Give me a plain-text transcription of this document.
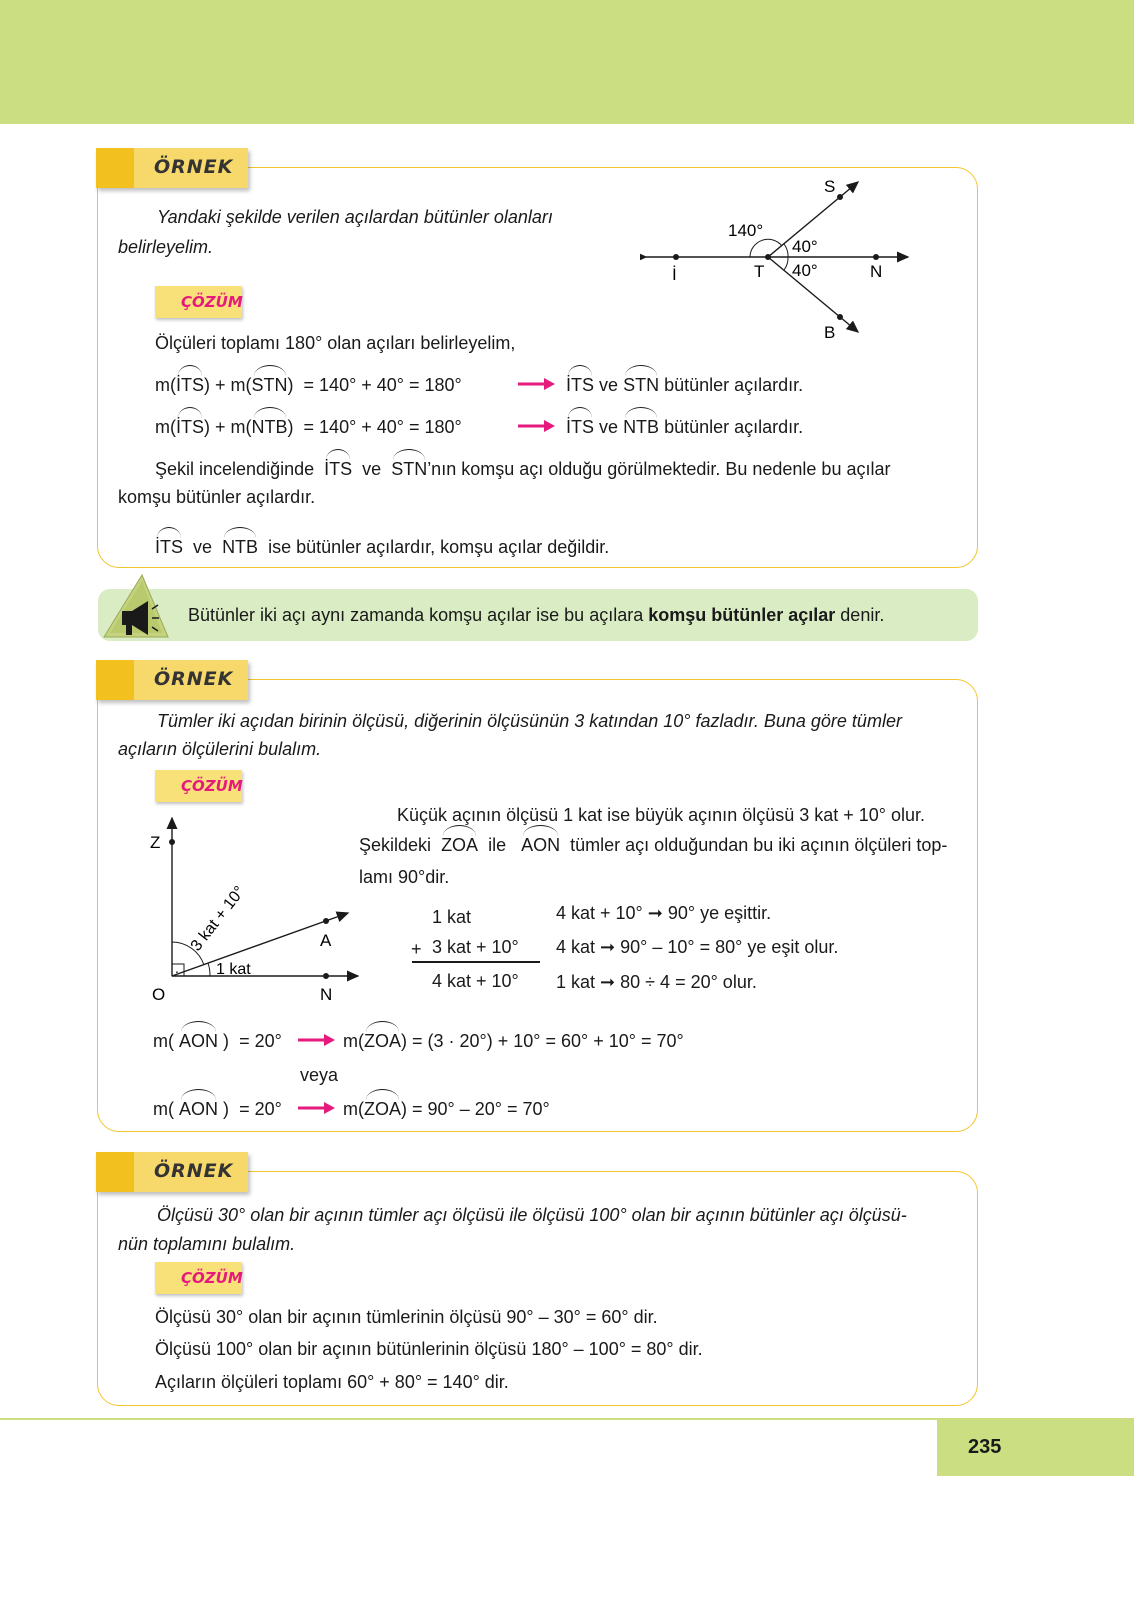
ÖRNEK
Yandaki şekilde verilen açılardan bütünler olanları
belirleyelim.
S
İ	T	N
B
140°
40°
40°
ÇÖZÜM
Ölçüleri toplamı 180° olan açıları belirleyelim,
m(İTS) + m(STN) = 140° + 40° = 180°	İTS ve STN bütünler açılardır.
m(İTS) + m(NTB) = 140° + 40° = 180°	İTS ve NTB bütünler açılardır.
Şekil incelendiğinde İTS ve STN’nın komşu açı olduğu görülmektedir. Bu nedenle bu açılar
komşu bütünler açılardır.
İTS ve NTB ise bütünler açılardır, komşu açılar değildir.
Bütünler iki açı aynı zamanda komşu açılar ise bu açılara komşu bütünler açılar denir.
ÖRNEK
Tümler iki açıdan birinin ölçüsü, diğerinin ölçüsünün 3 katından 10° fazladır. Buna göre tümler
açıların ölçülerini bulalım.
ÇÖZÜM
Z
O
A
N
1 kat
3 kat + 10°
.
Küçük açının ölçüsü 1 kat ise büyük açının ölçüsü 3 kat + 10° olur.
Şekildeki ZOA ile AON tümler açı olduğundan bu iki açının ölçüleri top-
lamı 90°dir.
1 kat
+ 3 kat + 10°
4 kat + 10°
4 kat + 10° ➞ 90° ye eşittir.
4 kat ➞ 90° – 10° = 80° ye eşit olur.
1 kat ➞ 80 ÷ 4 = 20° olur.
m( AON ) = 20°	m(ZOA) = (3 · 20°) + 10° = 60° + 10° = 70°
veya
m( AON ) = 20°	m(ZOA) = 90° – 20° = 70°
ÖRNEK
Ölçüsü 30° olan bir açının tümler açı ölçüsü ile ölçüsü 100° olan bir açının bütünler açı ölçüsü-
nün toplamını bulalım.
ÇÖZÜM
Ölçüsü 30° olan bir açının tümlerinin ölçüsü 90° – 30° = 60° dir.
Ölçüsü 100° olan bir açının bütünlerinin ölçüsü 180° – 100° = 80° dir.
Açıların ölçüleri toplamı 60° + 80° = 140° dir.
235
